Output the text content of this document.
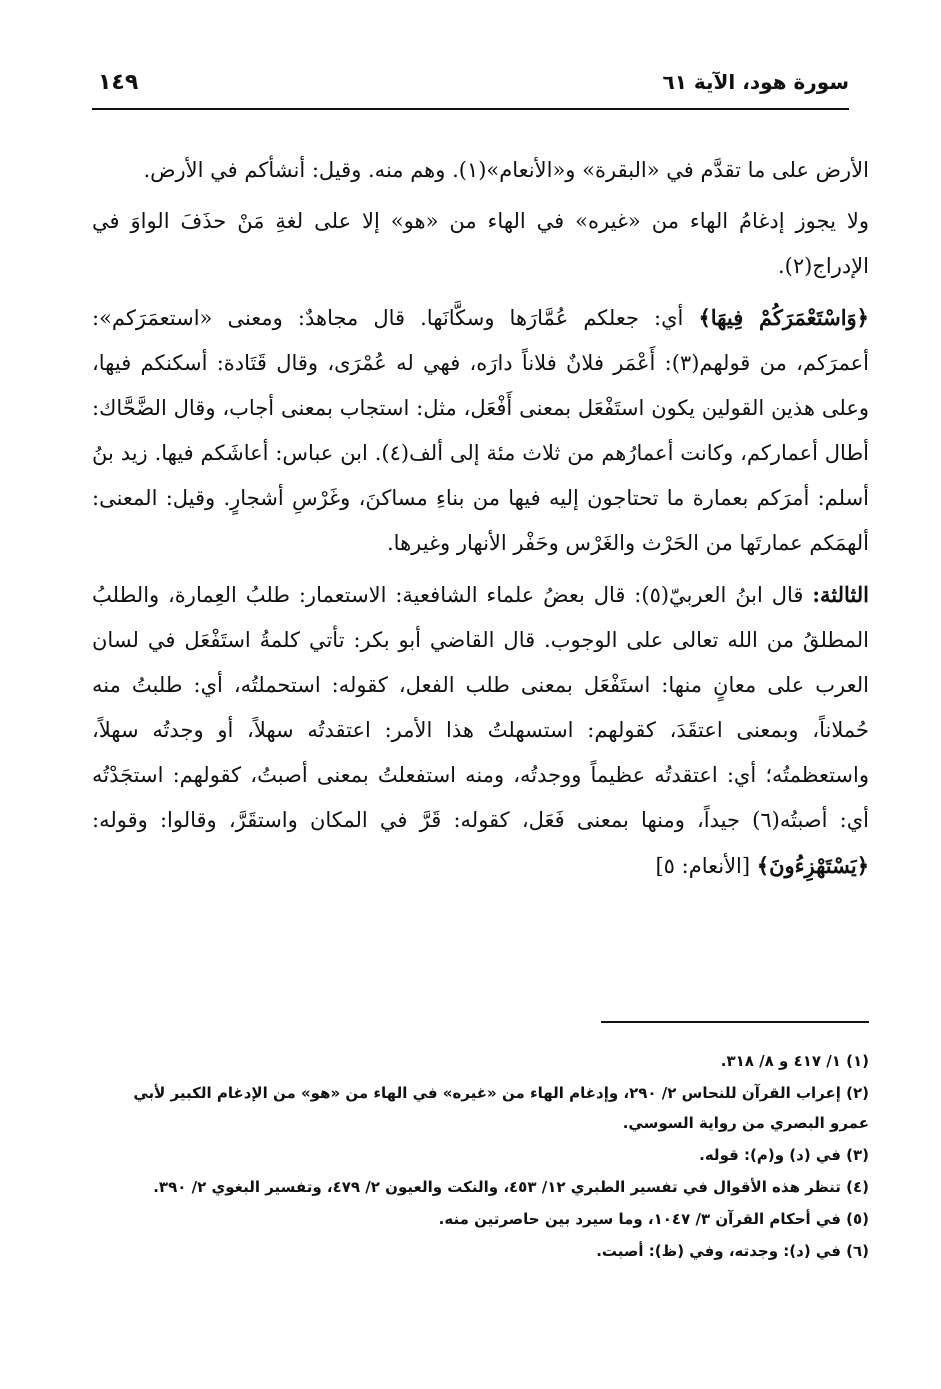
سورة هود، الآية ٦١
١٤٩

الأرض على ما تقدَّم في «البقرة» و«الأنعام»(١). وهم منه. وقيل: أنشأكم في الأرض.

ولا يجوز إدغامُ الهاء من «غيره» في الهاء من «هو» إلا على لغةِ مَنْ حذَفَ الواوَ في الإدراج(٢).

﴿وَاسْتَعْمَرَكُمْ فِيهَا﴾ أي: جعلكم عُمَّارَها وسكَّانَها. قال مجاهدٌ: ومعنى «استعمَرَكم»: أعمرَكم، من قولهم(٣): أَعْمَر فلانٌ فلاناً دارَه، فهي له عُمْرَى، وقال قَتَادة: أسكنكم فيها، وعلى هذين القولين يكون استَفْعَل بمعنى أَفْعَل، مثل: استجاب بمعنى أجاب، وقال الضَّحَّاك: أطال أعماركم، وكانت أعمارُهم من ثلاث مئة إلى ألف(٤). ابن عباس: أعاشَكم فيها. زيد بنُ أسلم: أمرَكم بعمارة ما تحتاجون إليه فيها من بناءِ مساكنَ، وغَرْسِ أشجارٍ. وقيل: المعنى: ألهمَكم عمارتَها من الحَرْث والغَرْس وحَفْر الأنهار وغيرها.

الثالثة: قال ابنُ العربيّ(٥): قال بعضُ علماء الشافعية: الاستعمار: طلبُ العِمارة، والطلبُ المطلقُ من الله تعالى على الوجوب. قال القاضي أبو بكر: تأتي كلمةُ استَفْعَل في لسان العرب على معانٍ منها: استَفْعَل بمعنى طلب الفعل، كقوله: استحملتُه، أي: طلبتُ منه حُملاناً، وبمعنى اعتقَدَ، كقولهم: استسهلتُ هذا الأمر: اعتقدتُه سهلاً، أو وجدتُه سهلاً، واستعظمتُه؛ أي: اعتقدتُه عظيماً ووجدتُه، ومنه استفعلتُ بمعنى أصبتُ، كقولهم: استجَدْتُه أي: أصبتُه(٦) جيداً، ومنها بمعنى فَعَل، كقوله: قَرَّ في المكان واستقَرَّ، وقالوا: وقوله: ﴿يَسْتَهْزِءُونَ﴾ [الأنعام: ٥]

(١) ١/ ٤١٧ و ٨/ ٣١٨.
(٢) إعراب القرآن للنحاس ٢/ ٢٩٠، وإدغام الهاء من «غيره» في الهاء من «هو» من الإدغام الكبير لأبي عمرو البصري من رواية السوسي.
(٣) في (د) و(م): قوله.
(٤) تنظر هذه الأقوال في تفسير الطبري ١٢/ ٤٥٣، والنكت والعيون ٢/ ٤٧٩، وتفسير البغوي ٢/ ٣٩٠.
(٥) في أحكام القرآن ٣/ ١٠٤٧، وما سيرد بين حاصرتين منه.
(٦) في (د): وجدته، وفي (ظ): أصبت.
